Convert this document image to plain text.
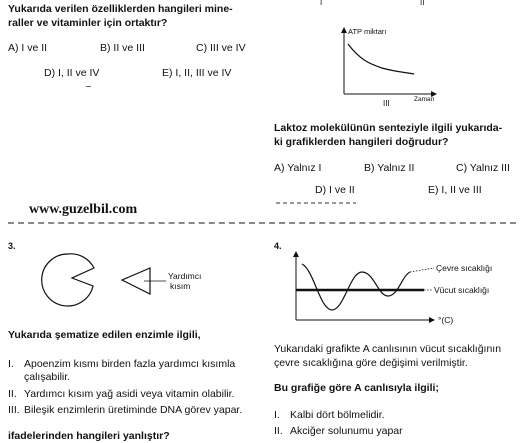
Yukarıda verilen özelliklerden hangileri mine-
raller ve vitaminler için ortaktır?
A) I ve II	B) II ve III	C) III ve IV
D) I, II ve IV	E) I, II, III ve IV
I	II
ATP miktarı
Zaman
III
Laktoz molekülünün senteziyle ilgili yukarıda-
ki grafiklerden hangileri doğrudur?
A) Yalnız I	B) Yalnız II	C) Yalnız III
D) I ve II	E) I, II ve III
www.guzelbil.com
3.
Yardımcı
kısım
Yukarıda şematize edilen enzimle ilgili,
I. Apoenzim kısmı birden fazla yardımcı kısımla
çalışabilir.
II. Yardımcı kısım yağ asidi veya vitamin olabilir.
III. Bileşik enzimlerin üretiminde DNA görev yapar.
ifadelerinden hangileri yanlıştır?
4.
Çevre sıcaklığı
Vücut sıcaklığı
°(C)
Yukarıdaki grafikte A canlısının vücut sıcaklığının
çevre sıcaklığına göre değişimi verilmiştir.
Bu grafiğe göre A canlısıyla ilgili;
I. Kalbi dört bölmelidir.
II. Akciğer solunumu yapar
